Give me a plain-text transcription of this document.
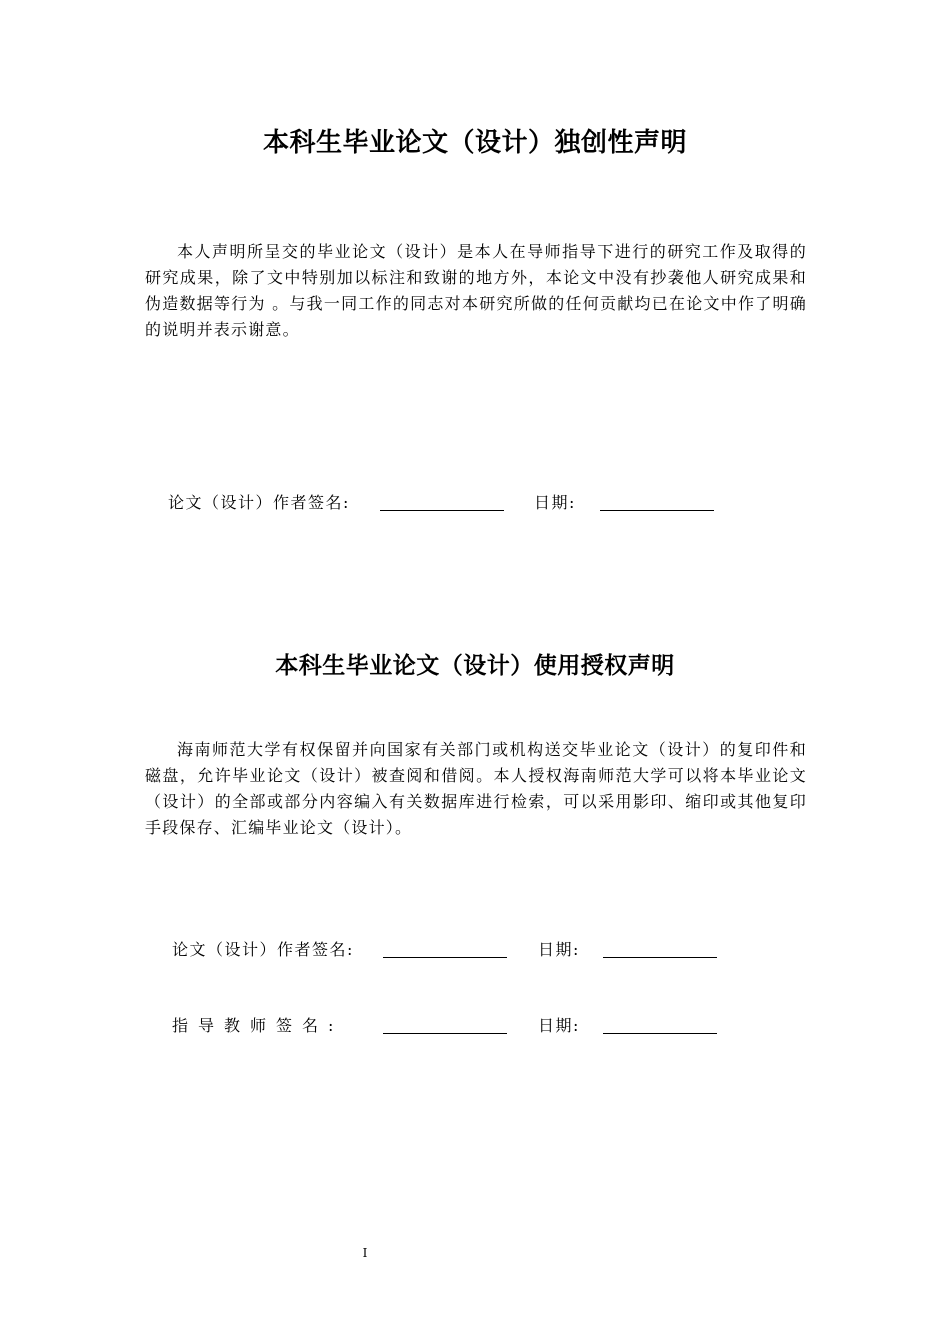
本科生毕业论文（设计）独创性声明

本人声明所呈交的毕业论文（设计）是本人在导师指导下进行的研究工作及取得的研究成果，除了文中特别加以标注和致谢的地方外，本论文中没有抄袭他人研究成果和伪造数据等行为 。与我一同工作的同志对本研究所做的任何贡献均已在论文中作了明确的说明并表示谢意。

论文（设计）作者签名:	日期:
本科生毕业论文（设计）使用授权声明

海南师范大学有权保留并向国家有关部门或机构送交毕业论文（设计）的复印件和磁盘，允许毕业论文（设计）被查阅和借阅。本人授权海南师范大学可以将本毕业论文（设计）的全部或部分内容编入有关数据库进行检索，可以采用影印、缩印或其他复印手段保存、汇编毕业论文（设计）。

论文（设计）作者签名:	日期:
指导教师签名:	日期:
I
